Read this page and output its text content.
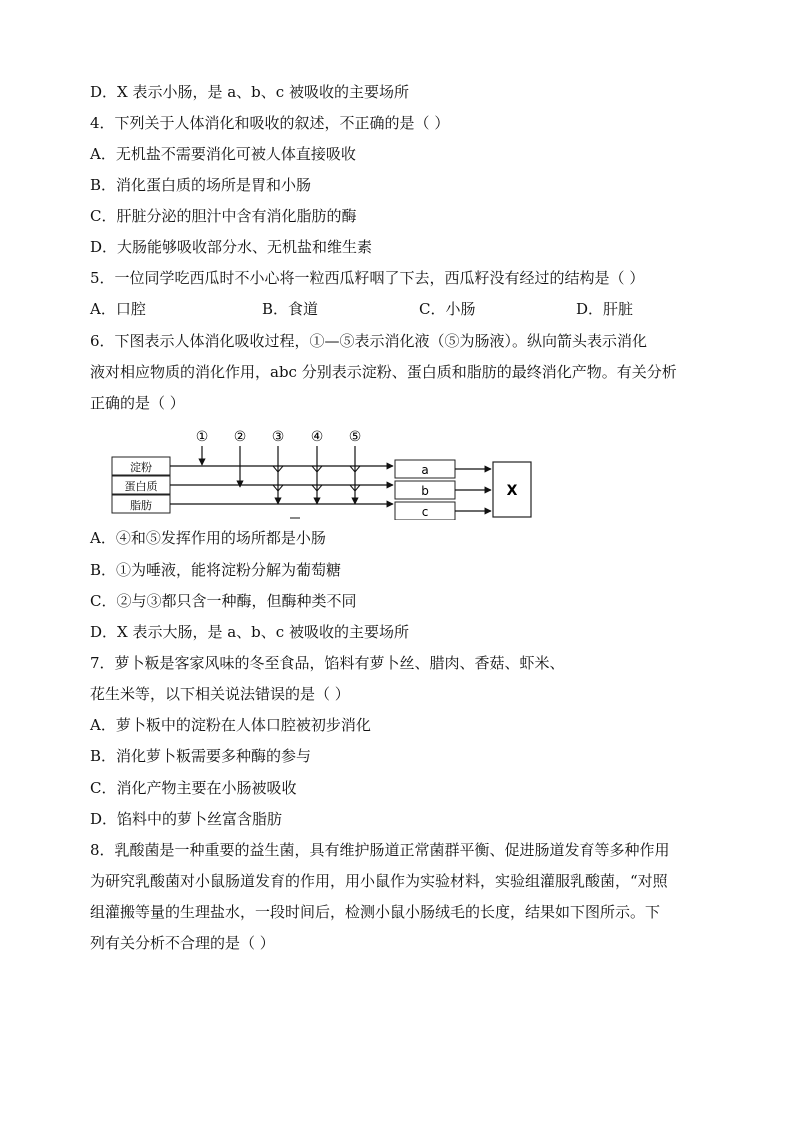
D．X 表示小肠，是 a、b、c 被吸收的主要场所
4．下列关于人体消化和吸收的叙述，不正确的是（ ）
A．无机盐不需要消化可被人体直接吸收
B．消化蛋白质的场所是胃和小肠
C．肝脏分泌的胆汁中含有消化脂肪的酶
D．大肠能够吸收部分水、无机盐和维生素
5．一位同学吃西瓜时不小心将一粒西瓜籽咽了下去，西瓜籽没有经过的结构是（ ）
A．口腔	B．食道	C．小肠	D．肝脏
6．下图表示人体消化吸收过程，①—⑤表示消化液（⑤为肠液）。纵向箭头表示消化
液对相应物质的消化作用，abc 分别表示淀粉、蛋白质和脂肪的最终消化产物。有关分析
正确的是（ ）
① ② ③ ④ ⑤
淀粉
蛋白质
脂肪
a
b
c
X
A．④和⑤发挥作用的场所都是小肠
B．①为唾液，能将淀粉分解为葡萄糖
C．②与③都只含一种酶，但酶种类不同
D．X 表示大肠，是 a、b、c 被吸收的主要场所
7．萝卜粄是客家风味的冬至食品，馅料有萝卜丝、腊肉、香菇、虾米、
花生米等，以下相关说法错误的是（ ）
A．萝卜粄中的淀粉在人体口腔被初步消化
B．消化萝卜粄需要多种酶的参与
C．消化产物主要在小肠被吸收
D．馅料中的萝卜丝富含脂肪
8．乳酸菌是一种重要的益生菌，具有维护肠道正常菌群平衡、促进肠道发育等多种作用
为研究乳酸菌对小鼠肠道发育的作用，用小鼠作为实验材料，实验组灌服乳酸菌，“对照
组灌搬等量的生理盐水，一段时间后，检测小鼠小肠绒毛的长度，结果如下图所示。下
列有关分析不合理的是（ ）
